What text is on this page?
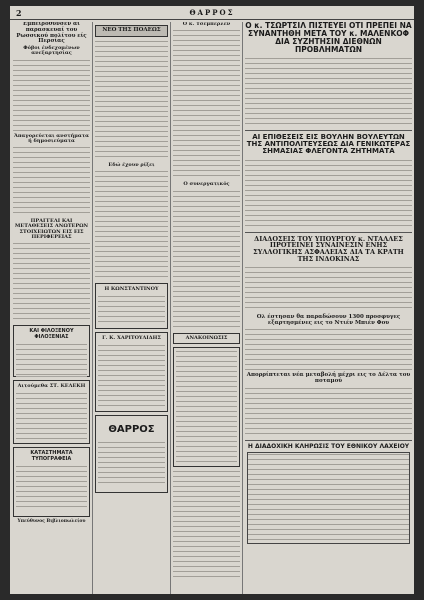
2	ΘΑΡΡΟΣ
Εμπειρόθυνσεν αί παρασκευαί του Ρωσσικού πολίτου είς Περσίας
Φόβοι ένδεχομένων ανεξαρτησίας
Άπαγορεύεται ανστήματα ή δημοσιεύματα
ΠΡΑΓΓΕΛΙ ΚΑΙ ΜΕΤΑΘΕΣΕΙΣ ΑΝΩΤΕΡΩΝ ΣΤΟΙΧΕΙΩΤΩΝ ΕΙΣ ΕΙΣ ΠΕΡΙΦΕΡΕΙΑΣ
ΚΑΙ ΦΙΛΟΞΕΝΟΥ ΦΙΛΟΞΕΝΙΑΣ
Αιτούμεθα ΣΤ. ΚΕΛΕΚΗ
ΚΑΤΑΣΤΗΜΑΤΑ ΤΥΠΟΓΡΑΦΕΙΑ
Υπεύθυνος Βιβλιοπωλείου
ΝΕΟ ΤΗΣ ΠΟΛΕΩΣ
Εδώ έχουν ρίξει
Η ΚΩΝΣΤΑΝΤΙΝΟΥ
Γ. Κ. ΧΑΡΙΤΟΥΛΙΔΗΣ
ΘΑΡΡΟΣ
Ο κ. Τσεμπέρλεν
Ο συνεργατικός
ΑΝΑΚΟΙΝΩΣΙΣ
Ο κ. ΤΣΩΡΤΣΙΛ ΠΙΣΤΕΥΕΙ ΟΤΙ ΠΡΕΠΕΙ ΝΑ ΣΥΝΑΝΤΗΘΗ ΜΕΤΑ ΤΟΥ κ. ΜΑΛΕΝΚΟΦ ΔΙΑ ΣΥΖΗΤΗΣΙΝ ΔΙΕΘΝΩΝ ΠΡΟΒΛΗΜΑΤΩΝ
ΑΙ ΕΠΙΘΕΣΕΙΣ ΕΙΣ ΒΟΥΛΗΝ ΒΟΥΛΕΥΤΩΝ ΤΗΣ ΑΝΤΙΠΟΛΙΤΕΥΣΕΩΣ ΔΙΑ ΓΕΝΙΚΩΤΕΡΑΣ ΣΗΜΑΣΙΑΣ ΦΛΕΓΟΝΤΑ ΖΗΤΗΜΑΤΑ
ΔΙΑΔΟΣΕΙΣ ΤΟΥ ΥΠΟΥΡΓΟΥ κ. ΝΤΑΛΛΕΣ ΠΡΟΤΕΙΝΕΙ ΣΥΝΑΙΝΕΣΙΝ ΕΝΗΣ ΣΥΛΛΟΓΙΚΗΣ ΑΣΦΑΛΕΙΑΣ ΔΙΑ ΤΑ ΚΡΑΤΗ ΤΗΣ ΙΝΔΟΚΙΝΑΣ
Ολ έστησαν θα παραδώσουν 1300 προσφυγες εξαρτησμένες εις το Ντιέν Μπιέν Φου
Απορρίπτεται νέα μεταβολή μέχρι εις το Δέλτα του ποταμού
Η ΔΙΑΔΟΧΙΚΗ ΚΛΗΡΩΣΙΣ ΤΟΥ ΕΘΝΙΚΟΥ ΛΑΧΕΙΟΥ
